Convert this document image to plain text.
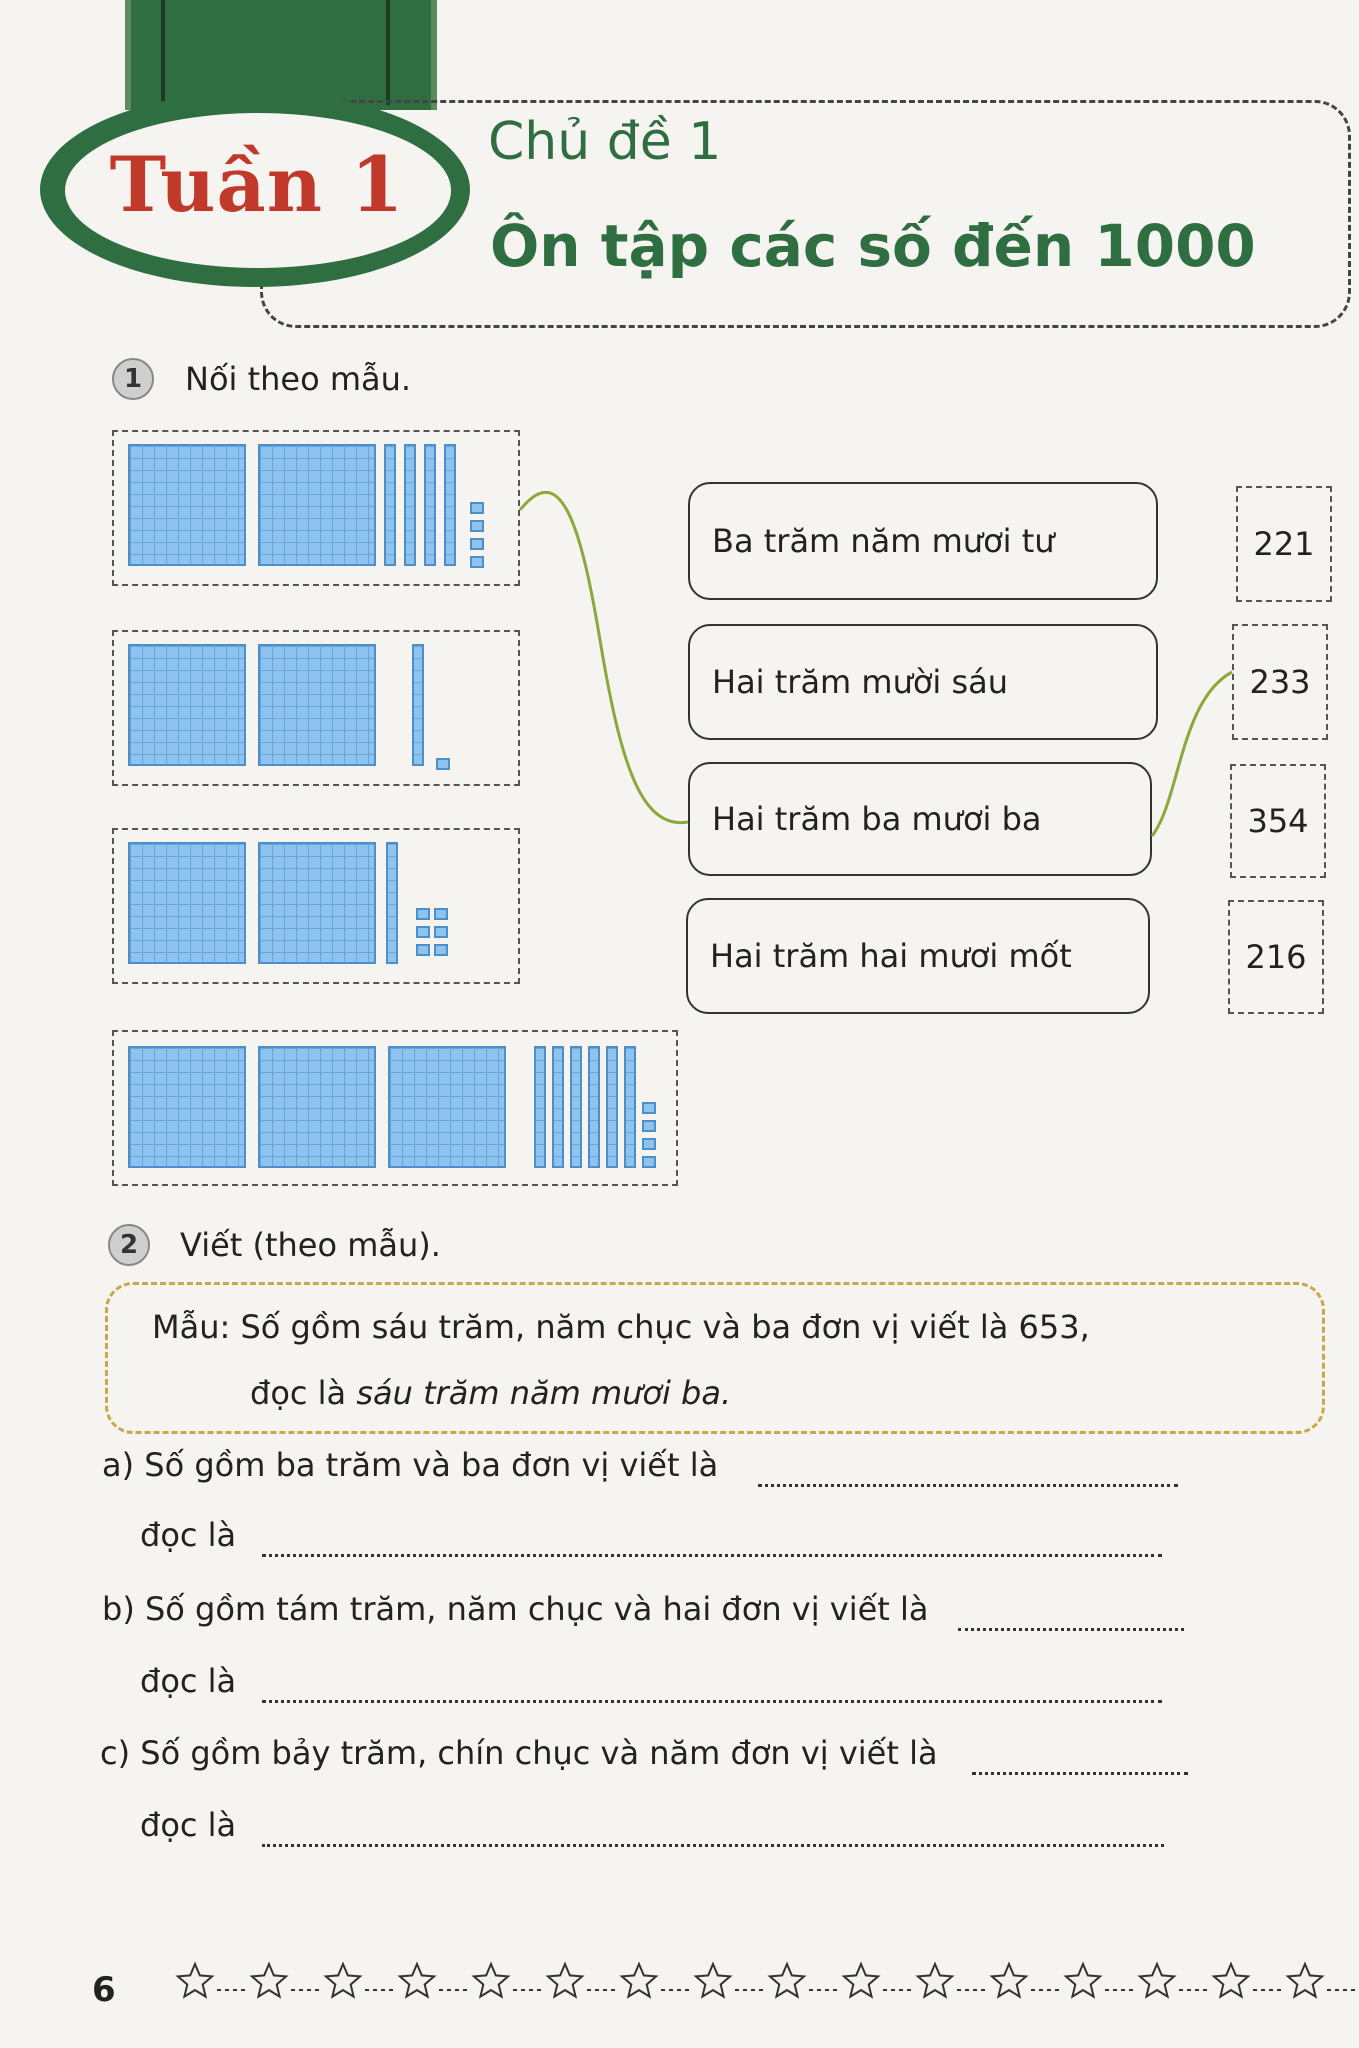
Tuần 1	Chủ đề 1
Ôn tập các số đến 1000
1	Nối theo mẫu.
Ba trăm năm mươi tư
Hai trăm mười sáu
Hai trăm ba mươi ba
Hai trăm hai mươi mốt
221
233
354
216
2	Viết (theo mẫu).
Mẫu: Số gồm sáu trăm, năm chục và ba đơn vị viết là 653,
đọc là sáu trăm năm mươi ba.
a) Số gồm ba trăm và ba đơn vị viết là
đọc là
b) Số gồm tám trăm, năm chục và hai đơn vị viết là
đọc là
c) Số gồm bảy trăm, chín chục và năm đơn vị viết là
đọc là
6
